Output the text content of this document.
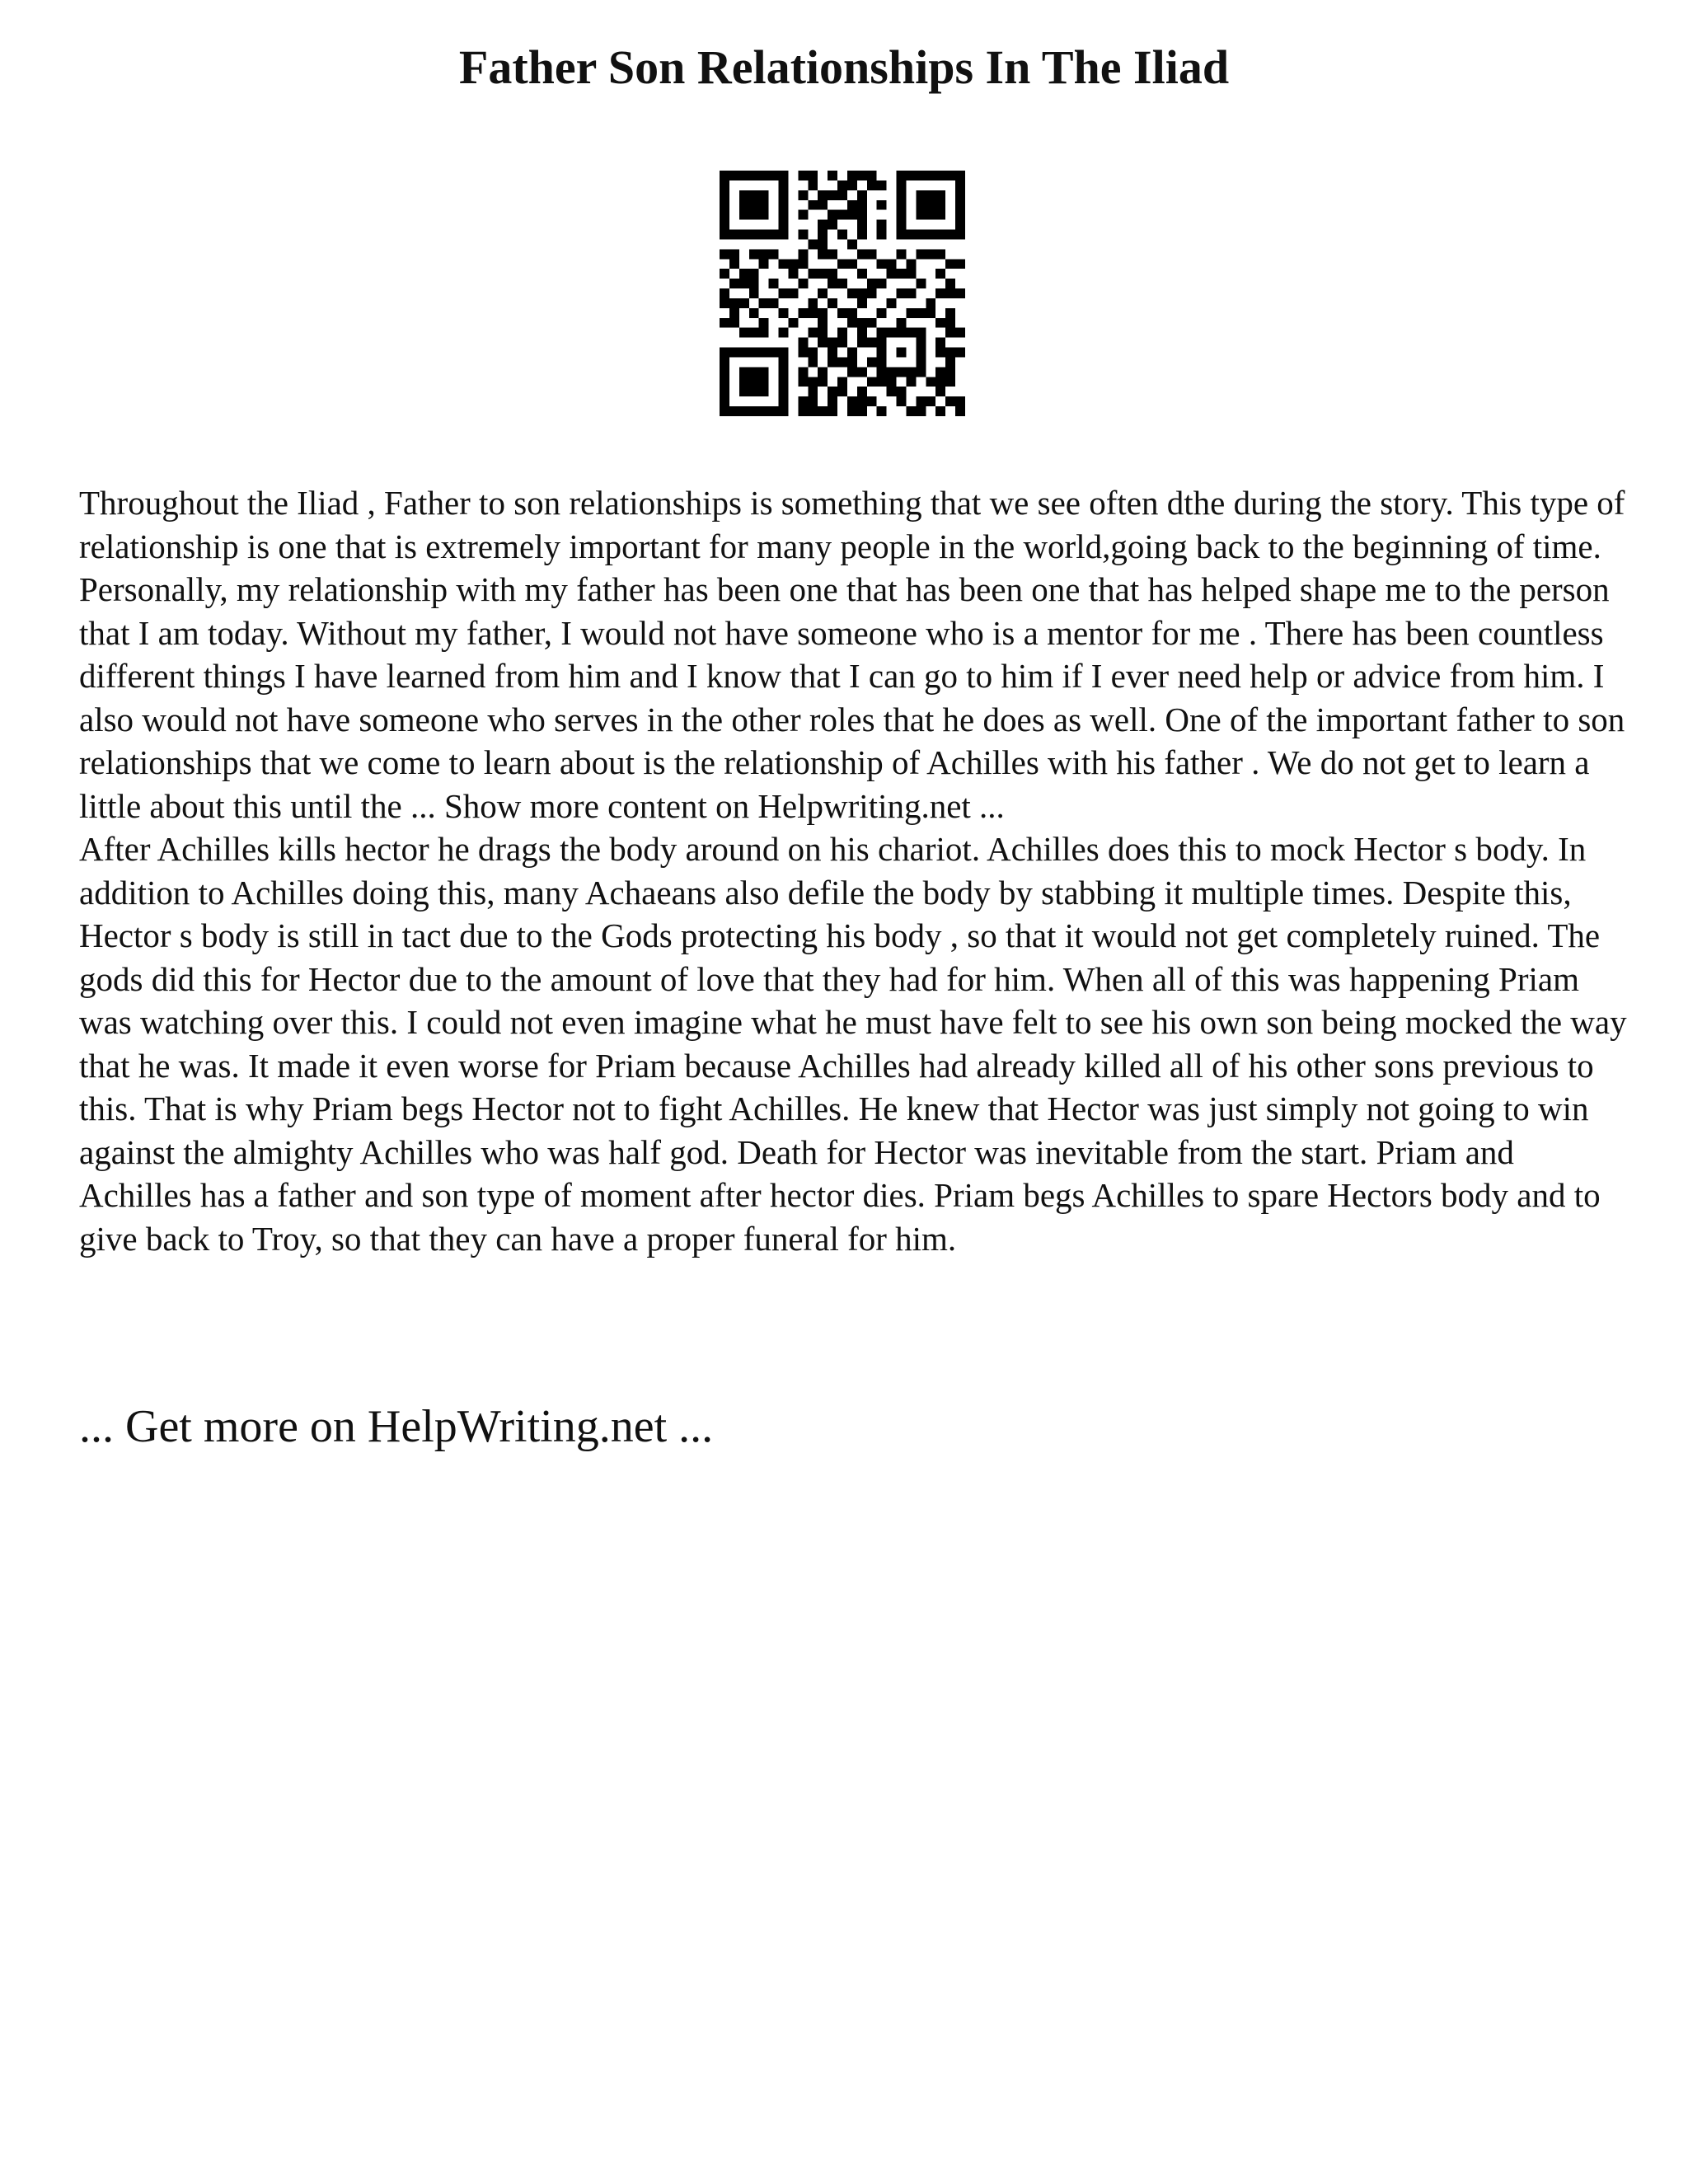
Father Son Relationships In The Iliad

Throughout the Iliad , Father to son relationships is something that we see often dthe during the story. This type of relationship is one that is extremely important for many people in the world,going back to the beginning of time. Personally, my relationship with my father has been one that has been one that has helped shape me to the person that I am today. Without my father, I would not have someone who is a mentor for me . There has been countless different things I have learned from him and I know that I can go to him if I ever need help or advice from him. I also would not have someone who serves in the other roles that he does as well. One of the important father to son relationships that we come to learn about is the relationship of Achilles with his father . We do not get to learn a little about this until the ... Show more content on Helpwriting.net ...

After Achilles kills hector he drags the body around on his chariot. Achilles does this to mock Hector s body. In addition to Achilles doing this, many Achaeans also defile the body by stabbing it multiple times. Despite this, Hector s body is still in tact due to the Gods protecting his body , so that it would not get completely ruined. The gods did this for Hector due to the amount of love that they had for him. When all of this was happening Priam was watching over this. I could not even imagine what he must have felt to see his own son being mocked the way that he was. It made it even worse for Priam because Achilles had already killed all of his other sons previous to this. That is why Priam begs Hector not to fight Achilles. He knew that Hector was just simply not going to win against the almighty Achilles who was half god. Death for Hector was inevitable from the start. Priam and Achilles has a father and son type of moment after hector dies. Priam begs Achilles to spare Hectors body and to give back to Troy, so that they can have a proper funeral for him.

... Get more on HelpWriting.net ...
